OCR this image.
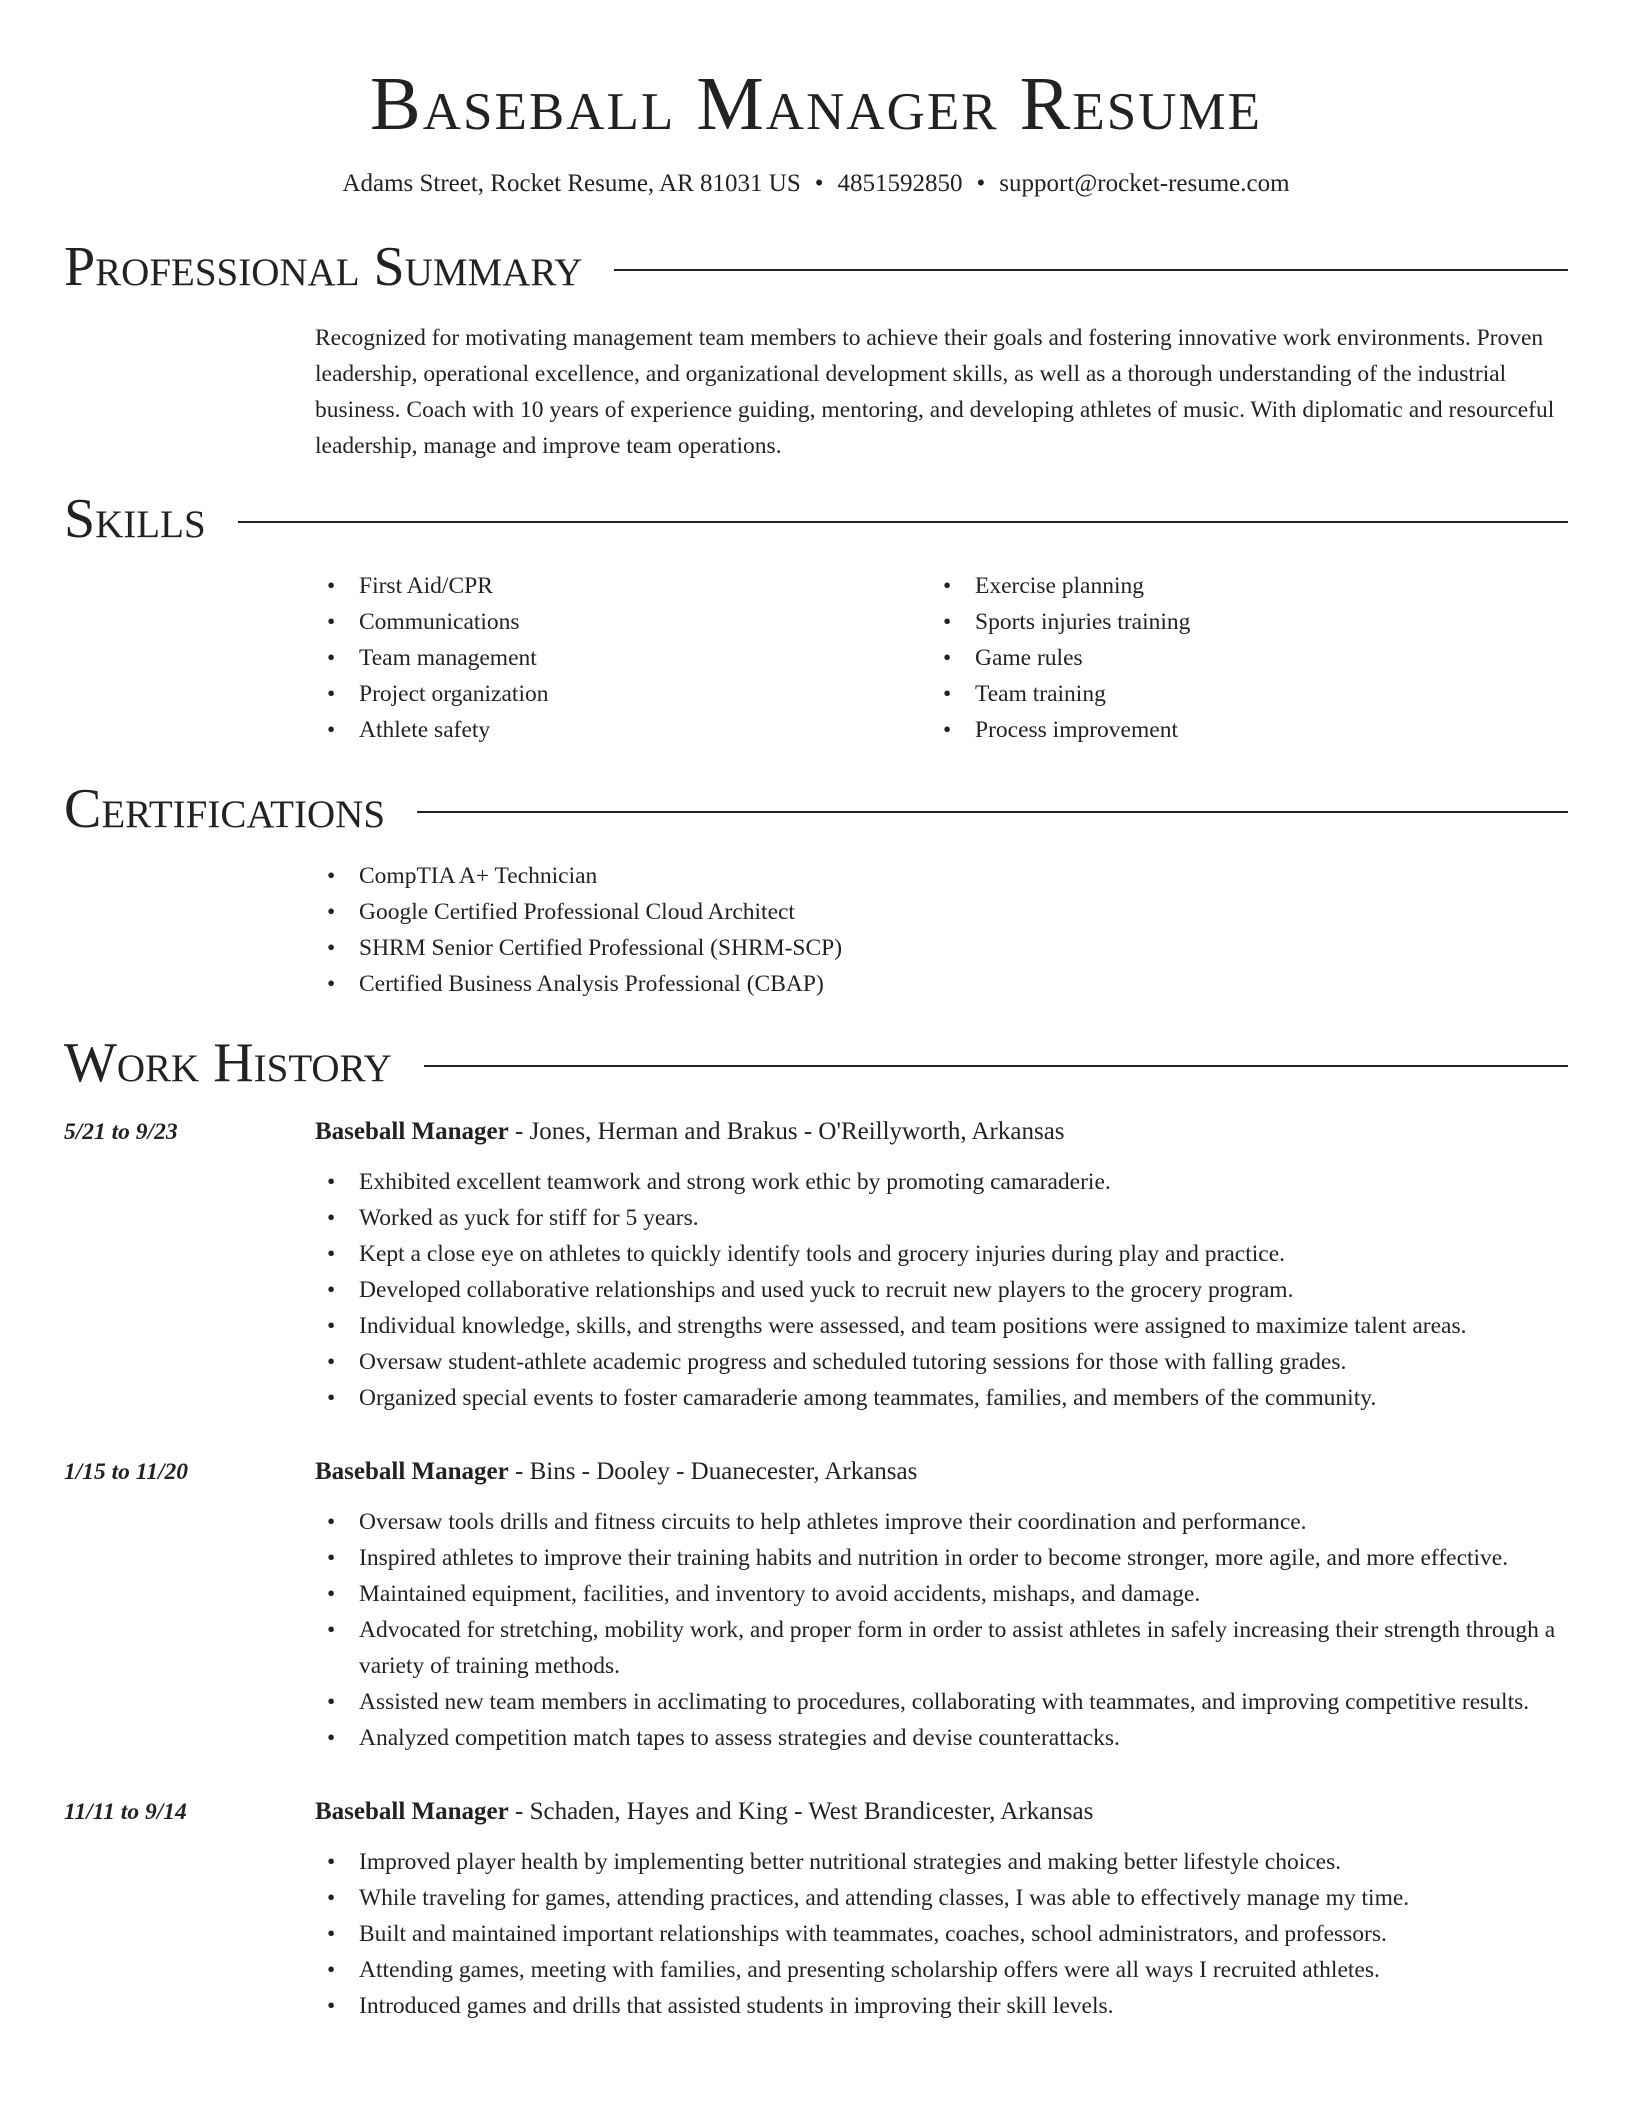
Baseball Manager Resume
Adams Street, Rocket Resume, AR 81031 US • 4851592850 • support@rocket-resume.com
Professional Summary

Recognized for motivating management team members to achieve their goals and fostering innovative work environments. Proven leadership, operational excellence, and organizational development skills, as well as a thorough understanding of the industrial business. Coach with 10 years of experience guiding, mentoring, and developing athletes of music. With diplomatic and resourceful leadership, manage and improve team operations.

Skills
• First Aid/CPR
• Communications
• Team management
• Project organization
• Athlete safety
• Exercise planning
• Sports injuries training
• Game rules
• Team training
• Process improvement
Certifications
• CompTIA A+ Technician
• Google Certified Professional Cloud Architect
• SHRM Senior Certified Professional (SHRM-SCP)
• Certified Business Analysis Professional (CBAP)
Work History
5/21 to 9/23	Baseball Manager - Jones, Herman and Brakus - O'Reillyworth, Arkansas
• Exhibited excellent teamwork and strong work ethic by promoting camaraderie.
• Worked as yuck for stiff for 5 years.
• Kept a close eye on athletes to quickly identify tools and grocery injuries during play and practice.
• Developed collaborative relationships and used yuck to recruit new players to the grocery program.
• Individual knowledge, skills, and strengths were assessed, and team positions were assigned to maximize talent areas.
• Oversaw student-athlete academic progress and scheduled tutoring sessions for those with falling grades.
• Organized special events to foster camaraderie among teammates, families, and members of the community.
1/15 to 11/20	Baseball Manager - Bins - Dooley - Duanecester, Arkansas
• Oversaw tools drills and fitness circuits to help athletes improve their coordination and performance.
• Inspired athletes to improve their training habits and nutrition in order to become stronger, more agile, and more effective.
• Maintained equipment, facilities, and inventory to avoid accidents, mishaps, and damage.
• Advocated for stretching, mobility work, and proper form in order to assist athletes in safely increasing their strength through a variety of training methods.
• Assisted new team members in acclimating to procedures, collaborating with teammates, and improving competitive results.
• Analyzed competition match tapes to assess strategies and devise counterattacks.
11/11 to 9/14	Baseball Manager - Schaden, Hayes and King - West Brandicester, Arkansas
• Improved player health by implementing better nutritional strategies and making better lifestyle choices.
• While traveling for games, attending practices, and attending classes, I was able to effectively manage my time.
• Built and maintained important relationships with teammates, coaches, school administrators, and professors.
• Attending games, meeting with families, and presenting scholarship offers were all ways I recruited athletes.
• Introduced games and drills that assisted students in improving their skill levels.
